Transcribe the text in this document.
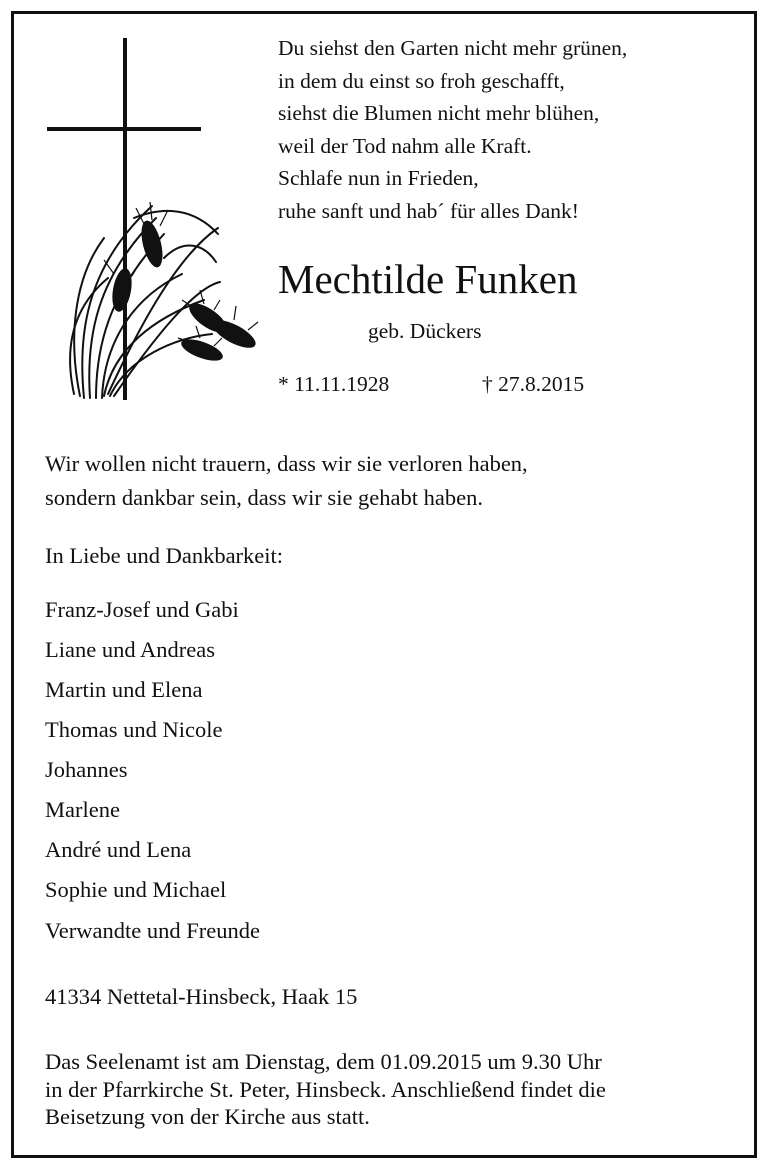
Du siehst den Garten nicht mehr grünen,
in dem du einst so froh geschafft,
siehst die Blumen nicht mehr blühen,
weil der Tod nahm alle Kraft.
Schlafe nun in Frieden,
ruhe sanft und hab´ für alles Dank!
Mechtilde Funken
geb. Dückers
* 11.11.1928	† 27.8.2015
Wir wollen nicht trauern, dass wir sie verloren haben,
sondern dankbar sein, dass wir sie gehabt haben.
In Liebe und Dankbarkeit:
Franz-Josef und Gabi
Liane und Andreas
Martin und Elena
Thomas und Nicole
Johannes
Marlene
André und Lena
Sophie und Michael
Verwandte und Freunde
41334 Nettetal-Hinsbeck, Haak 15
Das Seelenamt ist am Dienstag, dem 01.09.2015 um 9.30 Uhr
in der Pfarrkirche St. Peter, Hinsbeck. Anschließend findet die
Beisetzung von der Kirche aus statt.
